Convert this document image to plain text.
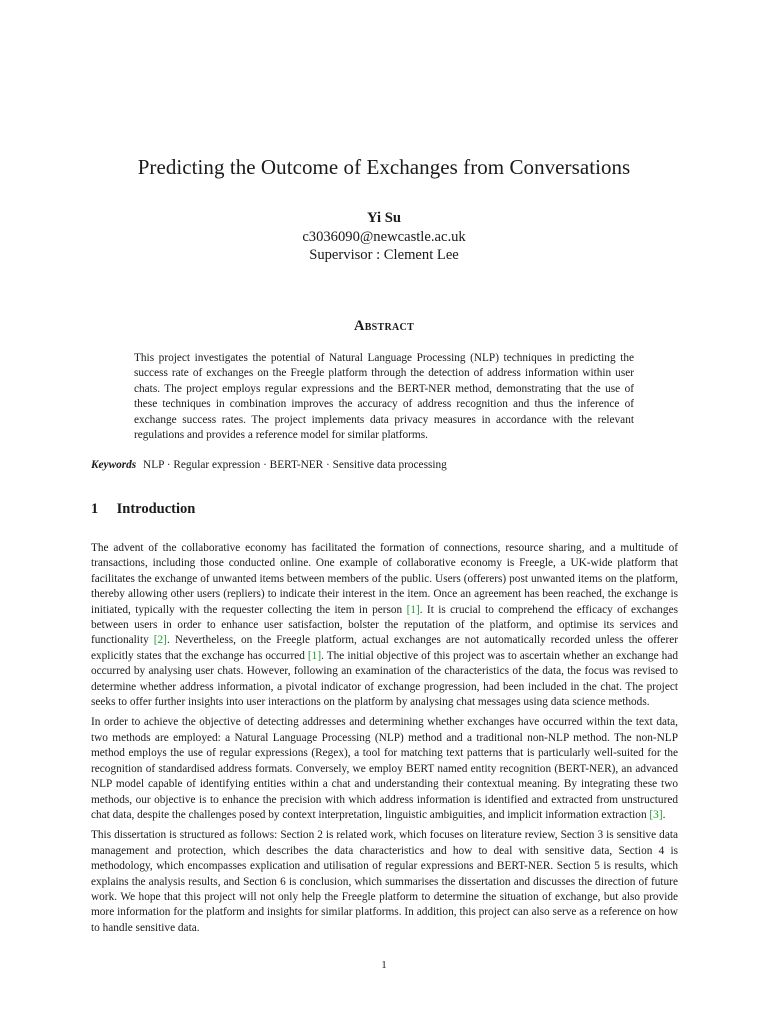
Predicting the Outcome of Exchanges from Conversations
Yi Su
c3036090@newcastle.ac.uk
Supervisor : Clement Lee
Abstract
This project investigates the potential of Natural Language Processing (NLP) techniques in predicting the success rate of exchanges on the Freegle platform through the detection of address information within user chats. The project employs regular expressions and the BERT-NER method, demonstrating that the use of these techniques in combination improves the accuracy of address recognition and thus the inference of exchange success rates. The project implements data privacy measures in accordance with the relevant regulations and provides a reference model for similar platforms.
Keywords NLP · Regular expression · BERT-NER · Sensitive data processing
1 Introduction

The advent of the collaborative economy has facilitated the formation of connections, resource sharing, and a multitude of transactions, including those conducted online. One example of collaborative economy is Freegle, a UK-wide platform that facilitates the exchange of unwanted items between members of the public. Users (offerers) post unwanted items on the platform, thereby allowing other users (repliers) to indicate their interest in the item. Once an agreement has been reached, the exchange is initiated, typically with the requester collecting the item in person [1]. It is crucial to comprehend the efficacy of exchanges between users in order to enhance user satisfaction, bolster the reputation of the platform, and optimise its services and functionality [2]. Nevertheless, on the Freegle platform, actual exchanges are not automatically recorded unless the offerer explicitly states that the exchange has occurred [1]. The initial objective of this project was to ascertain whether an exchange had occurred by analysing user chats. However, following an examination of the characteristics of the data, the focus was revised to determine whether address information, a pivotal indicator of exchange progression, had been included in the chat. The project seeks to offer further insights into user interactions on the platform by analysing chat messages using data science methods.

In order to achieve the objective of detecting addresses and determining whether exchanges have occurred within the text data, two methods are employed: a Natural Language Processing (NLP) method and a traditional non-NLP method. The non-NLP method employs the use of regular expressions (Regex), a tool for matching text patterns that is particularly well-suited for the recognition of standardised address formats. Conversely, we employ BERT named entity recognition (BERT-NER), an advanced NLP model capable of identifying entities within a chat and understanding their contextual meaning. By integrating these two methods, our objective is to enhance the precision with which address information is identified and extracted from unstructured chat data, despite the challenges posed by context interpretation, linguistic ambiguities, and implicit information extraction [3].

This dissertation is structured as follows: Section 2 is related work, which focuses on literature review, Section 3 is sensitive data management and protection, which describes the data characteristics and how to deal with sensitive data, Section 4 is methodology, which encompasses explication and utilisation of regular expressions and BERT-NER. Section 5 is results, which explains the analysis results, and Section 6 is conclusion, which summarises the dissertation and discusses the direction of future work. We hope that this project will not only help the Freegle platform to determine the situation of exchange, but also provide more information for the platform and insights for similar platforms. In addition, this project can also serve as a reference on how to handle sensitive data.

1
